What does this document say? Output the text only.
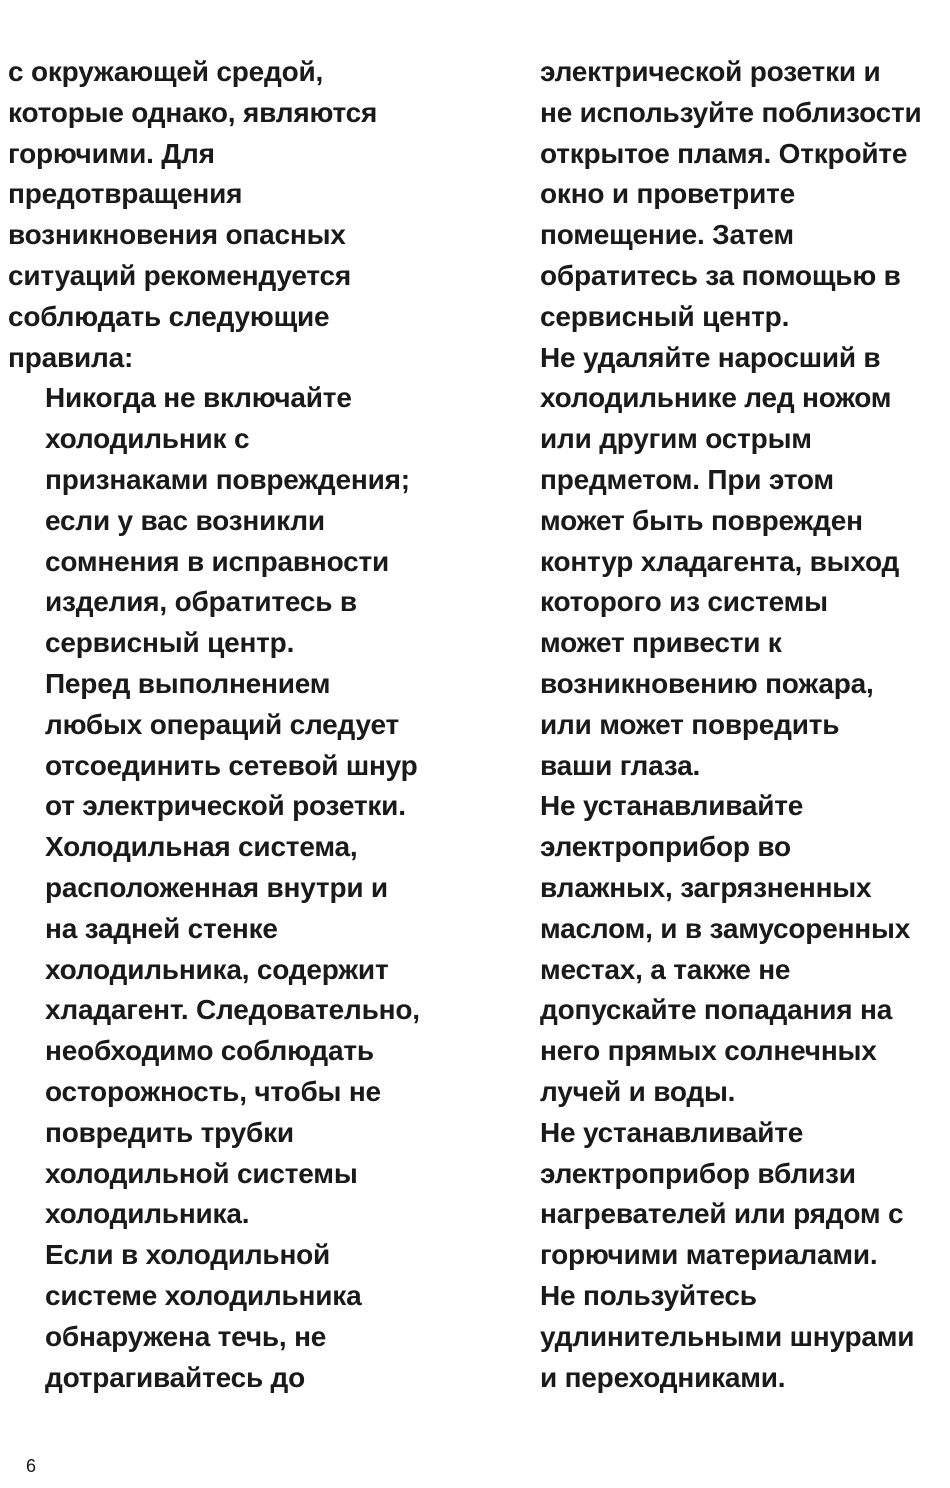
с окружающей средой,
которые однако, являются
горючими. Для
предотвращения
возникновения опасных
ситуаций рекомендуется
соблюдать следующие
правила:
Никогда не включайте
холодильник с
признаками повреждения;
если у вас возникли
сомнения в исправности
изделия, обратитесь в
сервисный центр.
Перед выполнением
любых операций следует
отсоединить сетевой шнур
от электрической розетки.
Холодильная система,
расположенная внутри и
на задней стенке
холодильника, содержит
хладагент. Следовательно,
необходимо соблюдать
осторожность, чтобы не
повредить трубки
холодильной системы
холодильника.
Если в холодильной
системе холодильника
обнаружена течь, не
дотрагивайтесь до
электрической розетки и
не используйте поблизости
открытое пламя. Откройте
окно и проветрите
помещение. Затем
обратитесь за помощью в
сервисный центр.
Не удаляйте наросший в
холодильнике лед ножом
или другим острым
предметом. При этом
может быть поврежден
контур хладагента, выход
которого из системы
может привести к
возникновению пожара,
или может повредить
ваши глаза.
Не устанавливайте
электроприбор во
влажных, загрязненных
маслом, и в замусоренных
местах, а также не
допускайте попадания на
него прямых солнечных
лучей и воды.
Не устанавливайте
электроприбор вблизи
нагревателей или рядом с
горючими материалами.
Не пользуйтесь
удлинительными шнурами
и переходниками.
6
